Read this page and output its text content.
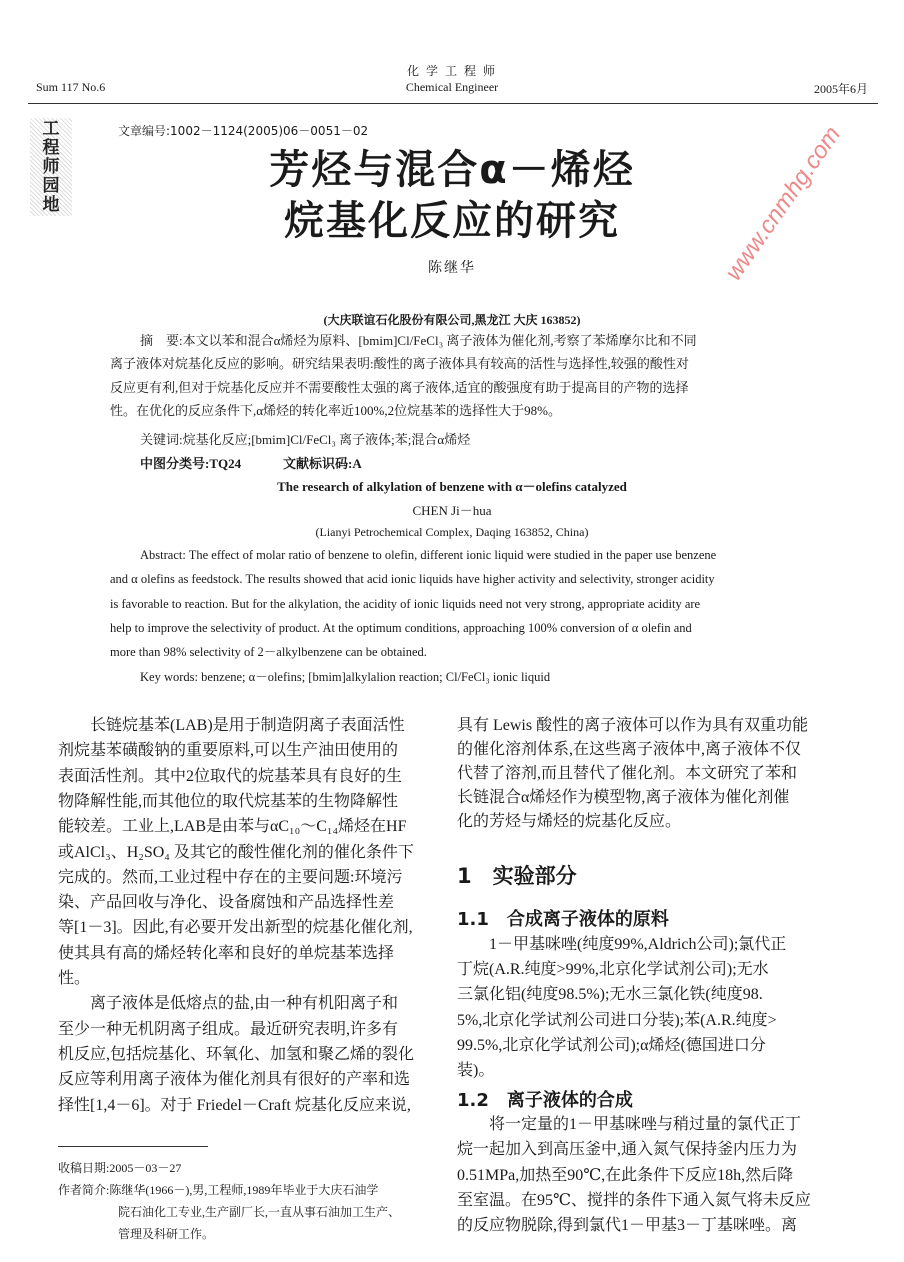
Sum 117 No.6
化 学 工 程 师
Chemical Engineer	2005年6月
工
程
师
园
地
文章编号:1002－1124(2005)06－0051－02
芳烃与混合α－烯烃
烷基化反应的研究
陈继华
(大庆联谊石化股份有限公司,黑龙江 大庆 163852)
摘　要:本文以苯和混合α烯烃为原料、[bmim]Cl/FeCl₃ 离子液体为催化剂,考察了苯烯摩尔比和不同
离子液体对烷基化反应的影响。研究结果表明:酸性的离子液体具有较高的活性与选择性,较强的酸性对
反应更有利,但对于烷基化反应并不需要酸性太强的离子液体,适宜的酸强度有助于提高目的产物的选择
性。在优化的反应条件下,α烯烃的转化率近100%,2位烷基苯的选择性大于98%。
关键词:烷基化反应;[bmim]Cl/FeCl₃ 离子液体;苯;混合α烯烃
中图分类号:TQ24	文献标识码:A
The research of alkylation of benzene with α－olefins catalyzed
CHEN Ji－hua
(Lianyi Petrochemical Complex, Daqing 163852, China)
Abstract: The effect of molar ratio of benzene to olefin, different ionic liquid were studied in the paper use benzene
and α olefins as feedstock. The results showed that acid ionic liquids have higher activity and selectivity, stronger acidity
is favorable to reaction. But for the alkylation, the acidity of ionic liquids need not very strong, appropriate acidity are
help to improve the selectivity of product. At the optimum conditions, approaching 100% conversion of α olefin and
more than 98% selectivity of 2－alkylbenzene can be obtained.
Key words: benzene; α－olefins; [bmim]alkylalion reaction; Cl/FeCl₃ ionic liquid
　　长链烷基苯(LAB)是用于制造阴离子表面活性
剂烷基苯磺酸钠的重要原料,可以生产油田使用的
表面活性剂。其中2位取代的烷基苯具有良好的生
物降解性能,而其他位的取代烷基苯的生物降解性
能较差。工业上,LAB是由苯与αC₁₀～C₁₄烯烃在HF
或AlCl₃、H₂SO₄ 及其它的酸性催化剂的催化条件下
完成的。然而,工业过程中存在的主要问题:环境污
染、产品回收与净化、设备腐蚀和产品选择性差
等[1－3]。因此,有必要开发出新型的烷基化催化剂,
使其具有高的烯烃转化率和良好的单烷基苯选择
性。
　　离子液体是低熔点的盐,由一种有机阳离子和
至少一种无机阴离子组成。最近研究表明,许多有
机反应,包括烷基化、环氧化、加氢和聚乙烯的裂化
反应等利用离子液体为催化剂具有很好的产率和选
择性[1,4－6]。对于 Friedel－Craft 烷基化反应来说,
具有 Lewis 酸性的离子液体可以作为具有双重功能
的催化溶剂体系,在这些离子液体中,离子液体不仅
代替了溶剂,而且替代了催化剂。本文研究了苯和
长链混合α烯烃作为模型物,离子液体为催化剂催
化的芳烃与烯烃的烷基化反应。
1　实验部分
1.1　合成离子液体的原料
　　1－甲基咪唑(纯度99%,Aldrich公司);氯代正
丁烷(A.R.纯度>99%,北京化学试剂公司);无水
三氯化铝(纯度98.5%);无水三氯化铁(纯度98.
5%,北京化学试剂公司进口分装);苯(A.R.纯度>
99.5%,北京化学试剂公司);α烯烃(德国进口分
装)。
1.2　离子液体的合成
　　将一定量的1－甲基咪唑与稍过量的氯代正丁
烷一起加入到高压釜中,通入氮气保持釜内压力为
0.51MPa,加热至90℃,在此条件下反应18h,然后降
至室温。在95℃、搅拌的条件下通入氮气将未反应
的反应物脱除,得到氯代1－甲基3－丁基咪唑。离
收稿日期:2005－03－27
作者简介:陈继华(1966－),男,工程师,1989年毕业于大庆石油学
　　　　　院石油化工专业,生产副厂长,一直从事石油加工生产、
　　　　　管理及科研工作。
www.cnmhg.com
